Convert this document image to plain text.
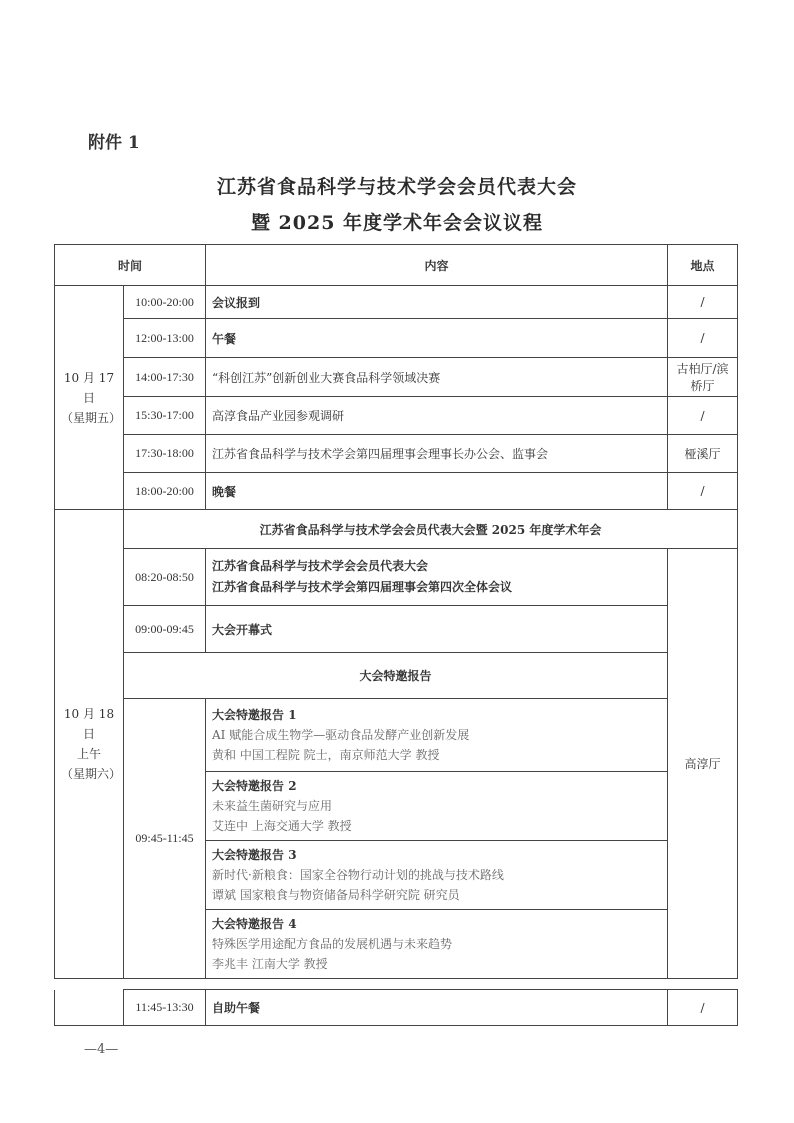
附件 1
江苏省食品科学与技术学会会员代表大会
暨 2025 年度学术年会会议议程
时间		内容	地点

10 月 17 日
（星期五）	10:00-20:00	会议报到	/
	12:00-13:00	午餐	/
	14:00-17:30	“科创江苏”创新创业大赛食品科学领域决赛	古柏厅/滨桥厅
	15:30-17:00	高淳食品产业园参观调研	/
	17:30-18:00	江苏省食品科学与技术学会第四届理事会理事长办公会、监事会	桠溪厅
	18:00-20:00	晚餐	/

10 月 18 日
上午
（星期六）	江苏省食品科学与技术学会会员代表大会暨 2025 年度学术年会		
	08:20-08:50	江苏省食品科学与技术学会会员代表大会
江苏省食品科学与技术学会第四届理事会第四次全体会议	高淳厅
	09:00-09:45	大会开幕式	
	大会特邀报告		
	09:45-11:45	大会特邀报告 1
AI 赋能合成生物学—驱动食品发酵产业创新发展
黄和 中国工程院 院士，南京师范大学 教授	

		大会特邀报告 2
未来益生菌研究与应用
艾连中 上海交通大学 教授	

		大会特邀报告 3
新时代·新粮食：国家全谷物行动计划的挑战与技术路线
谭斌 国家粮食与物资储备局科学研究院 研究员	

		大会特邀报告 4
特殊医学用途配方食品的发展机遇与未来趋势
李兆丰 江南大学 教授	
	11:45-13:30	自助午餐	/
—4—
